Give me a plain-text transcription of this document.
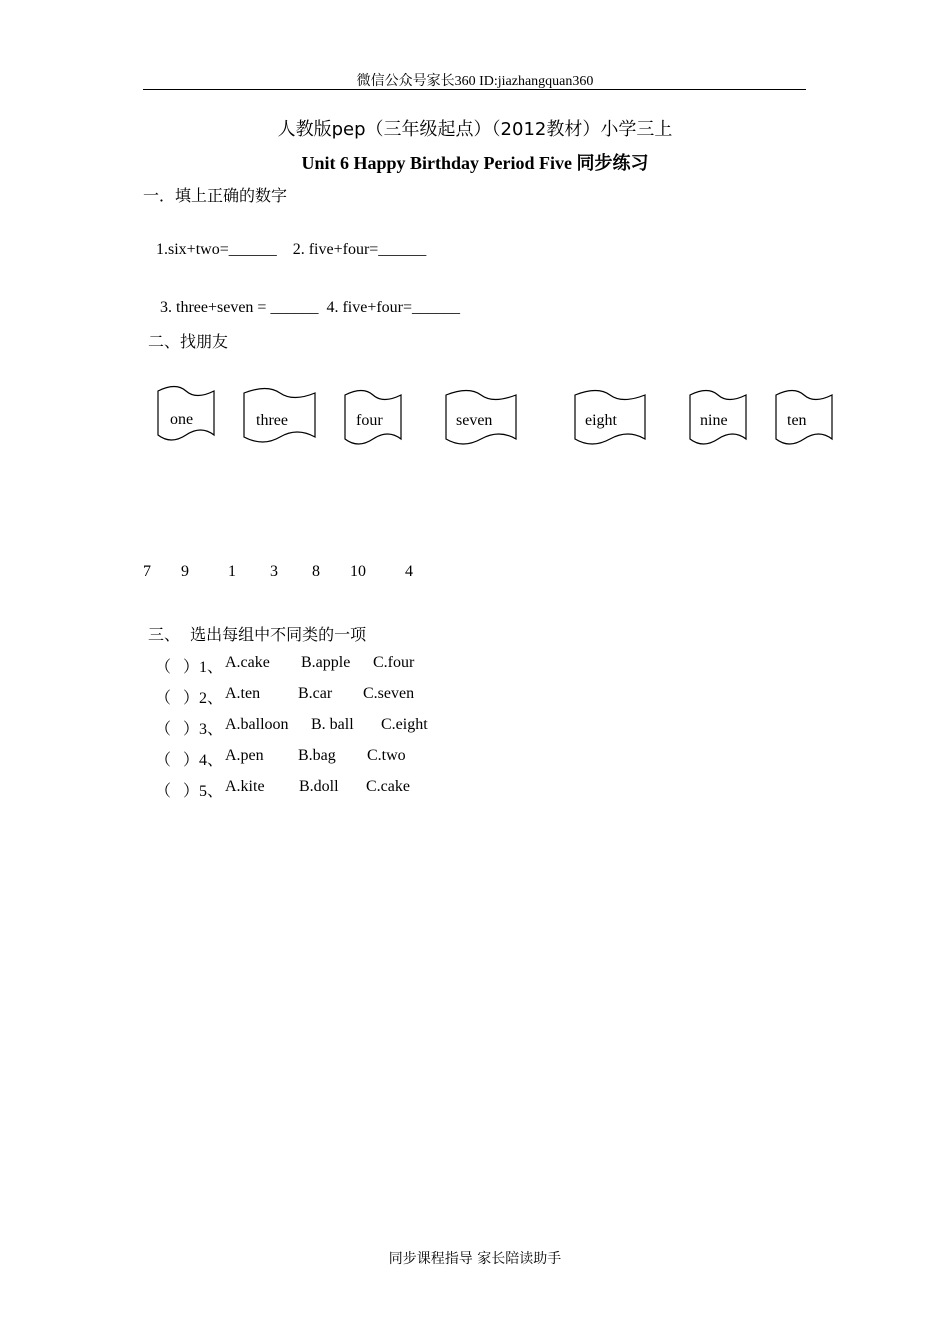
微信公众号家长360 ID:jiazhangquan360
人教版pep（三年级起点）（2012教材）小学三上
Unit 6 Happy Birthday Period Five 同步练习
一．填上正确的数字
1.six+two=______    2. five+four=______
3. three+seven = ______  4. five+four=______
二、找朋友
one	three	four	seven	eight	nine	ten
7 9 1 3 8 10 4
三、  选出每组中不同类的一项
（   ）1、 A.cake B.apple C.four
（   ）2、 A.ten B.car C.seven
（   ）3、 A.balloon B. ball C.eight
（   ）4、 A.pen B.bag C.two
（   ）5、 A.kite B.doll C.cake
同步课程指导 家长陪读助手
